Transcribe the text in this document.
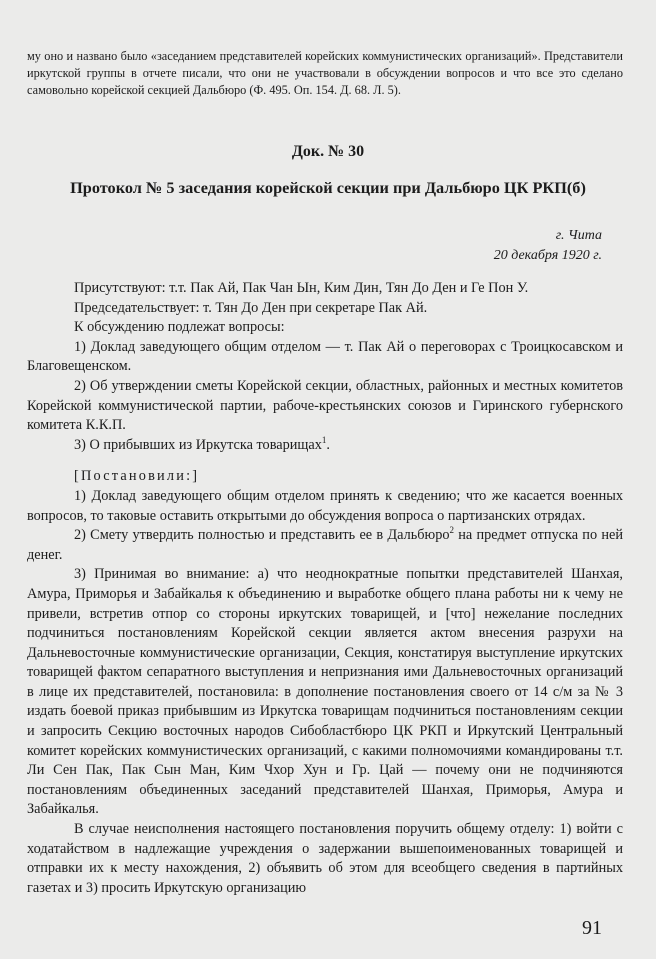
му оно и названо было «заседанием представителей корейских коммунистических организаций». Представители иркутской группы в отчете писали, что они не участвовали в обсуждении вопросов и что все это сделано самовольно корейской секцией Дальбюро (Ф. 495. Оп. 154. Д. 68. Л. 5).

Док. № 30
Протокол № 5 заседания корейской секции при Дальбюро ЦК РКП(б)
г. Чита
20 декабря 1920 г.

Присутствуют: т.т. Пак Ай, Пак Чан Ын, Ким Дин, Тян До Ден и Ге Пон У.

Председательствует: т. Тян До Ден при секретаре Пак Ай.

К обсуждению подлежат вопросы:

1) Доклад заведующего общим отделом — т. Пак Ай о переговорах с Троицкосавском и Благовещенском.

2) Об утверждении сметы Корейской секции, областных, районных и местных комитетов Корейской коммунистической партии, рабоче-крестьянских союзов и Гиринского губернского комитета К.К.П.

3) О прибывших из Иркутска товарищах$^1$.

[Постановили:]

1) Доклад заведующего общим отделом принять к сведению; что же касается военных вопросов, то таковые оставить открытыми до обсуждения вопроса о партизанских отрядах.

2) Смету утвердить полностью и представить ее в Дальбюро$^2$ на предмет отпуска по ней денег.

3) Принимая во внимание: а) что неоднократные попытки представителей Шанхая, Амура, Приморья и Забайкалья к объединению и выработке общего плана работы ни к чему не привели, встретив отпор со стороны иркутских товарищей, и [что] нежелание последних подчиниться постановлениям Корейской секции является актом внесения разрухи на Дальневосточные коммунистические организации, Секция, констатируя выступление иркутских товарищей фактом сепаратного выступления и непризнания ими Дальневосточных организаций в лице их представителей, постановила: в дополнение постановления своего от 14 с/м за № 3 издать боевой приказ прибывшим из Иркутска товарищам подчиниться постановлениям секции и запросить Секцию восточных народов Сибобластбюро ЦК РКП и Иркутский Центральный комитет корейских коммунистических организаций, с какими полномочиями командированы т.т. Ли Сен Пак, Пак Сын Ман, Ким Чхор Хун и Гр. Цай — почему они не подчиняются постановлениям объединенных заседаний представителей Шанхая, Приморья, Амура и Забайкалья.

В случае неисполнения настоящего постановления поручить общему отделу: 1) войти с ходатайством в надлежащие учреждения о задержании вышепоименованных товарищей и отправки их к месту нахождения, 2) объявить об этом для всеобщего сведения в партийных газетах и 3) просить Иркутскую организацию

91
